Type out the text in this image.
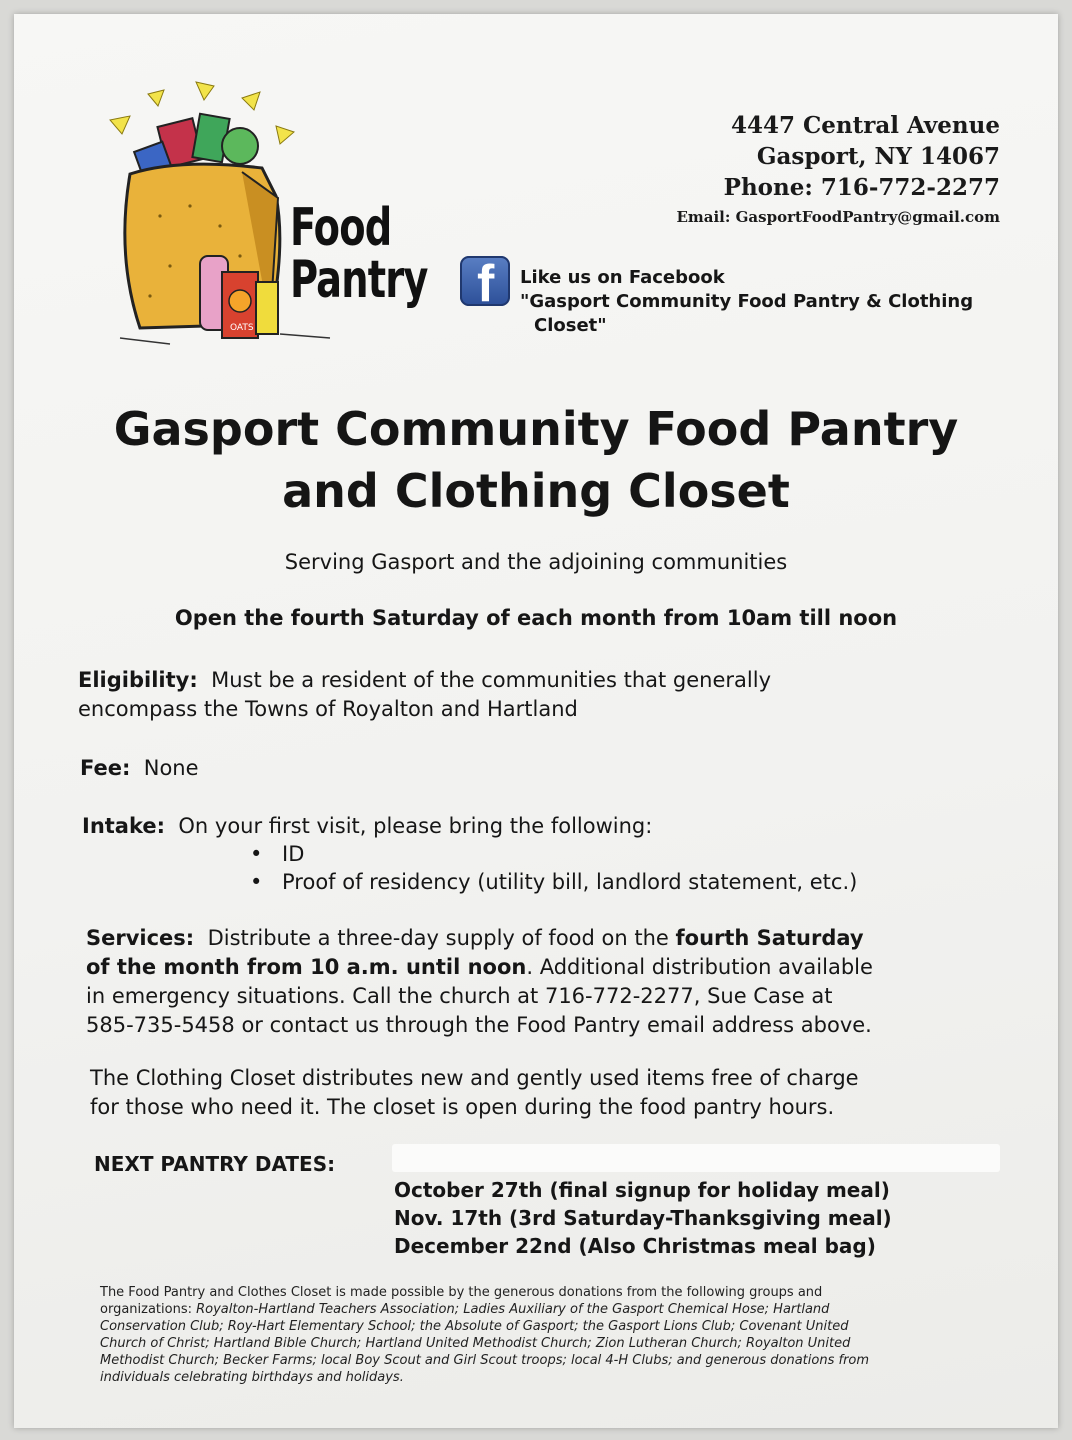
OATS
Food
Pantry
4447 Central Avenue
Gasport, NY 14067
Phone: 716-772-2277
Email: GasportFoodPantry@gmail.com
f Like us on Facebook
"Gasport Community Food Pantry & Clothing
Closet"
Gasport Community Food Pantry
and Clothing Closet
Serving Gasport and the adjoining communities
Open the fourth Saturday of each month from 10am till noon
Eligibility: Must be a resident of the communities that generally
encompass the Towns of Royalton and Hartland
Fee: None
Intake: On your first visit, please bring the following:
• ID
• Proof of residency (utility bill, landlord statement, etc.)
Services: Distribute a three-day supply of food on the fourth Saturday
of the month from 10 a.m. until noon. Additional distribution available
in emergency situations. Call the church at 716-772-2277, Sue Case at
585-735-5458 or contact us through the Food Pantry email address above.
The Clothing Closet distributes new and gently used items free of charge
for those who need it. The closet is open during the food pantry hours.
NEXT PANTRY DATES:
October 27th (final signup for holiday meal)
Nov. 17th (3rd Saturday-Thanksgiving meal)
December 22nd (Also Christmas meal bag)
The Food Pantry and Clothes Closet is made possible by the generous donations from the following groups and
organizations: Royalton-Hartland Teachers Association; Ladies Auxiliary of the Gasport Chemical Hose; Hartland
Conservation Club; Roy-Hart Elementary School; the Absolute of Gasport; the Gasport Lions Club; Covenant United
Church of Christ; Hartland Bible Church; Hartland United Methodist Church; Zion Lutheran Church; Royalton United
Methodist Church; Becker Farms; local Boy Scout and Girl Scout troops; local 4-H Clubs; and generous donations from
individuals celebrating birthdays and holidays.
